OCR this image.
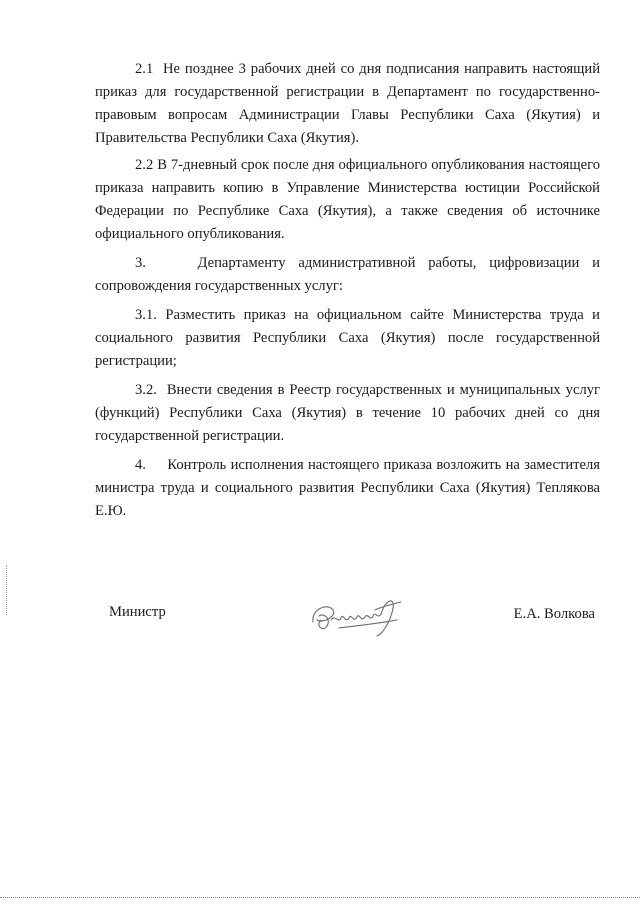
2.1 Не позднее 3 рабочих дней со дня подписания направить настоящий приказ для государственной регистрации в Департамент по государственно-правовым вопросам Администрации Главы Республики Саха (Якутия) и Правительства Республики Саха (Якутия).

2.2 В 7-дневный срок после дня официального опубликования настоящего приказа направить копию в Управление Министерства юстиции Российской Федерации по Республике Саха (Якутия), а также сведения об источнике официального опубликования.

3.	Департаменту административной работы, цифровизации и сопровождения государственных услуг:

3.1. Разместить приказ на официальном сайте Министерства труда и социального развития Республики Саха (Якутия) после государственной регистрации;

3.2. Внести сведения в Реестр государственных и муниципальных услуг (функций) Республики Саха (Якутия) в течение 10 рабочих дней со дня государственной регистрации.

4. Контроль исполнения настоящего приказа возложить на заместителя министра труда и социального развития Республики Саха (Якутия) Теплякова Е.Ю.

Министр	Е.А. Волкова
